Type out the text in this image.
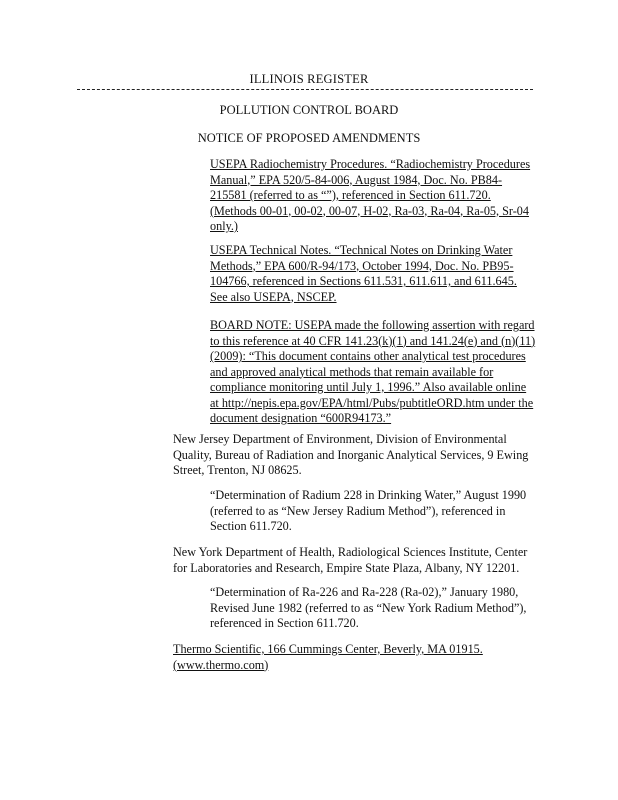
ILLINOIS REGISTER
POLLUTION CONTROL BOARD
NOTICE OF PROPOSED AMENDMENTS
USEPA Radiochemistry Procedures. “Radiochemistry Procedures
Manual,” EPA 520/5-84-006, August 1984, Doc. No. PB84-
215581 (referred to as “”), referenced in Section 611.720.
(Methods 00-01, 00-02, 00-07, H-02, Ra-03, Ra-04, Ra-05, Sr-04
only.)
USEPA Technical Notes. “Technical Notes on Drinking Water
Methods,” EPA 600/R-94/173, October 1994, Doc. No. PB95-
104766, referenced in Sections 611.531, 611.611, and 611.645.
See also USEPA, NSCEP.
BOARD NOTE: USEPA made the following assertion with regard
to this reference at 40 CFR 141.23(k)(1) and 141.24(e) and (n)(11)
(2009): “This document contains other analytical test procedures
and approved analytical methods that remain available for
compliance monitoring until July 1, 1996.” Also available online
at http://nepis.epa.gov/EPA/html/Pubs/pubtitleORD.htm under the
document designation “600R94173.”
New Jersey Department of Environment, Division of Environmental
Quality, Bureau of Radiation and Inorganic Analytical Services, 9 Ewing
Street, Trenton, NJ 08625.
“Determination of Radium 228 in Drinking Water,” August 1990
(referred to as “New Jersey Radium Method”), referenced in
Section 611.720.
New York Department of Health, Radiological Sciences Institute, Center
for Laboratories and Research, Empire State Plaza, Albany, NY 12201.
“Determination of Ra-226 and Ra-228 (Ra-02),” January 1980,
Revised June 1982 (referred to as “New York Radium Method”),
referenced in Section 611.720.
Thermo Scientific, 166 Cummings Center, Beverly, MA 01915.
(www.thermo.com)
